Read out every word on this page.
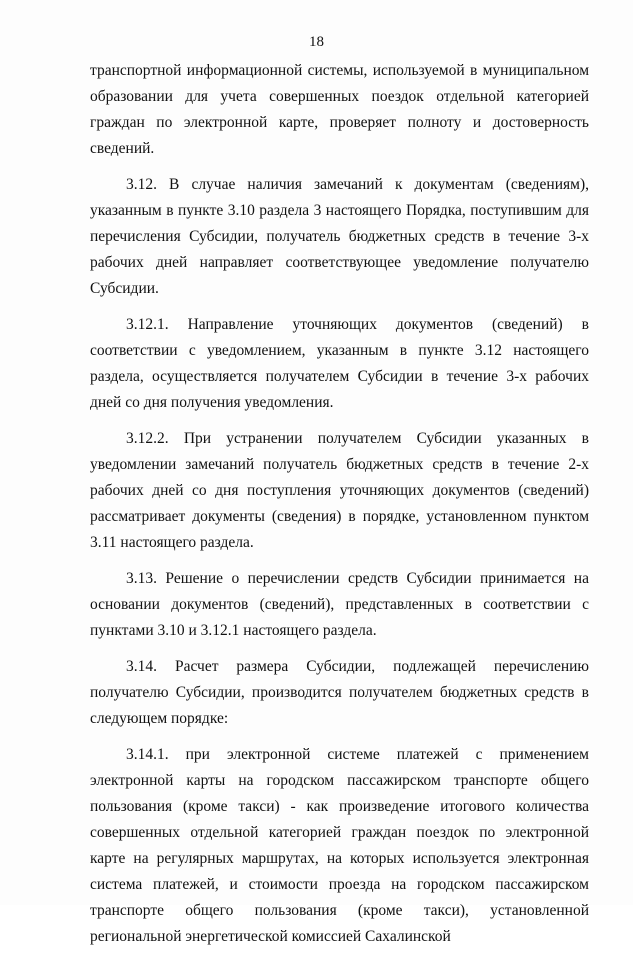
18

транспортной информационной системы, используемой в муниципальном образовании для учета совершенных поездок отдельной категорией граждан по электронной карте, проверяет полноту и достоверность сведений.

3.12. В случае наличия замечаний к документам (сведениям), указанным в пункте 3.10 раздела 3 настоящего Порядка, поступившим для перечисления Субсидии, получатель бюджетных средств в течение 3-х рабочих дней направляет соответствующее уведомление получателю Субсидии.

3.12.1. Направление уточняющих документов (сведений) в соответствии с уведомлением, указанным в пункте 3.12 настоящего раздела, осуществляется получателем Субсидии в течение 3-х рабочих дней со дня получения уведомления.

3.12.2. При устранении получателем Субсидии указанных в уведомлении замечаний получатель бюджетных средств в течение 2-х рабочих дней со дня поступления уточняющих документов (сведений) рассматривает документы (сведения) в порядке, установленном пунктом 3.11 настоящего раздела.

3.13. Решение о перечислении средств Субсидии принимается на основании документов (сведений), представленных в соответствии с пунктами 3.10 и 3.12.1 настоящего раздела.

3.14. Расчет размера Субсидии, подлежащей перечислению получателю Субсидии, производится получателем бюджетных средств в следующем порядке:

3.14.1. при электронной системе платежей с применением электронной карты на городском пассажирском транспорте общего пользования (кроме такси) - как произведение итогового количества совершенных отдельной категорией граждан поездок по электронной карте на регулярных маршрутах, на которых используется электронная система платежей, и стоимости проезда на городском пассажирском транспорте общего пользования (кроме такси), установленной региональной энергетической комиссией Сахалинской
